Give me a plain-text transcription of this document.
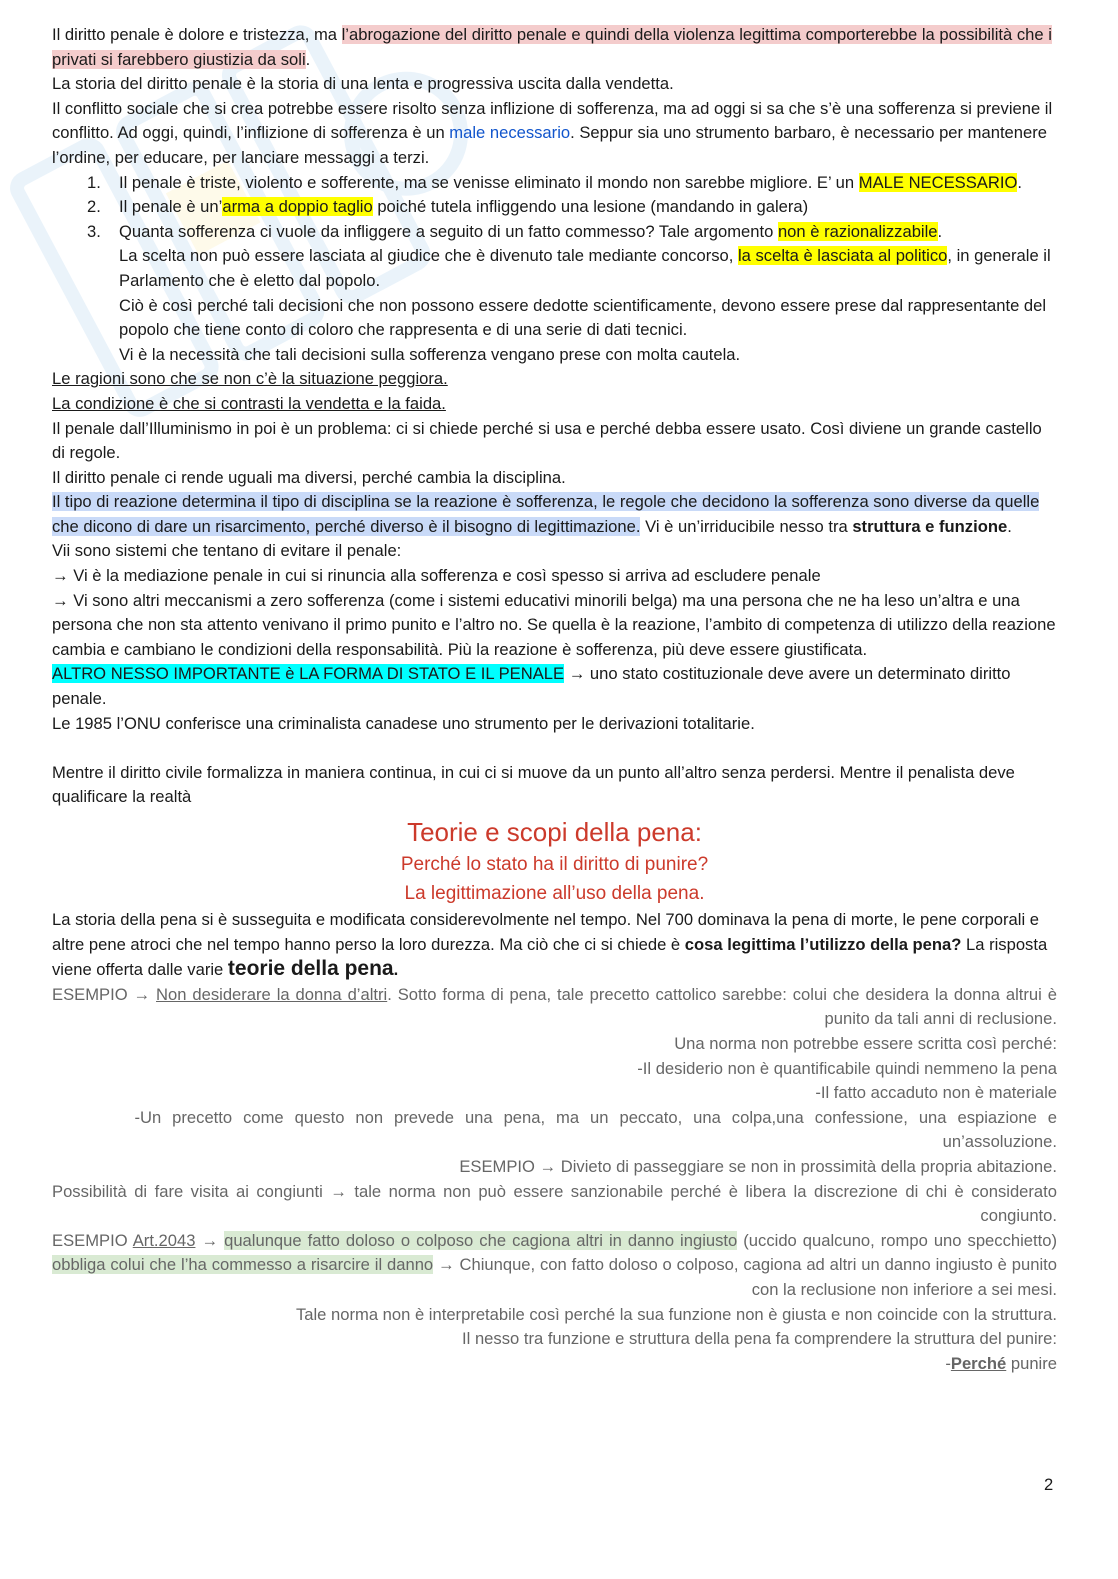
Il diritto penale è dolore e tristezza, ma l’abrogazione del diritto penale e quindi della violenza legittima comporterebbe la possibilità che i privati si farebbero giustizia da soli.

La storia del diritto penale è la storia di una lenta e progressiva uscita dalla vendetta.

Il conflitto sociale che si crea potrebbe essere risolto senza inflizione di sofferenza, ma ad oggi si sa che s’è una sofferenza si previene il conflitto. Ad oggi, quindi, l’inflizione di sofferenza è un male necessario. Seppur sia uno strumento barbaro, è necessario per mantenere l’ordine, per educare, per lanciare messaggi a terzi.

1. Il penale è triste, violento e sofferente, ma se venisse eliminato il mondo non sarebbe migliore. E’ un MALE NECESSARIO.
2. Il penale è un’arma a doppio taglio poiché tutela infliggendo una lesione (mandando in galera)
3. Quanta sofferenza ci vuole da infliggere a seguito di un fatto commesso? Tale argomento non è razionalizzabile.

La scelta non può essere lasciata al giudice che è divenuto tale mediante concorso, la scelta è lasciata al politico, in generale il Parlamento che è eletto dal popolo.

Ciò è così perché tali decisioni che non possono essere dedotte scientificamente, devono essere prese dal rappresentante del popolo che tiene conto di coloro che rappresenta e di una serie di dati tecnici.

Vi è la necessità che tali decisioni sulla sofferenza vengano prese con molta cautela.

Le ragioni sono che se non c’è la situazione peggiora.

La condizione è che si contrasti la vendetta e la faida.

Il penale dall’Illuminismo in poi è un problema: ci si chiede perché si usa e perché debba essere usato. Così diviene un grande castello di regole.

Il diritto penale ci rende uguali ma diversi, perché cambia la disciplina.

Il tipo di reazione determina il tipo di disciplina se la reazione è sofferenza, le regole che decidono la sofferenza sono diverse da quelle che dicono di dare un risarcimento, perché diverso è il bisogno di legittimazione. Vi è un’irriducibile nesso tra struttura e funzione.

Vii sono sistemi che tentano di evitare il penale:

→ Vi è la mediazione penale in cui si rinuncia alla sofferenza e così spesso si arriva ad escludere penale

→ Vi sono altri meccanismi a zero sofferenza (come i sistemi educativi minorili belga) ma una persona che ne ha leso un’altra e una persona che non sta attento venivano il primo punito e l’altro no. Se quella è la reazione, l’ambito di competenza di utilizzo della reazione cambia e cambiano le condizioni della responsabilità. Più la reazione è sofferenza, più deve essere giustificata.

ALTRO NESSO IMPORTANTE è LA FORMA DI STATO E IL PENALE → uno stato costituzionale deve avere un determinato diritto penale.

Le 1985 l’ONU conferisce una criminalista canadese uno strumento per le derivazioni totalitarie.

Mentre il diritto civile formalizza in maniera continua, in cui ci si muove da un punto all’altro senza perdersi. Mentre il penalista deve qualificare la realtà

Teorie e scopi della pena:
Perché lo stato ha il diritto di punire?
La legittimazione all’uso della pena.

La storia della pena si è susseguita e modificata considerevolmente nel tempo. Nel 700 dominava la pena di morte, le pene corporali e altre pene atroci che nel tempo hanno perso la loro durezza. Ma ciò che ci si chiede è cosa legittima l’utilizzo della pena? La risposta viene offerta dalle varie teorie della pena.

ESEMPIO → Non desiderare la donna d’altri. Sotto forma di pena, tale precetto cattolico sarebbe: colui che desidera la donna altrui è punito da tali anni di reclusione.

Una norma non potrebbe essere scritta così perché:

-Il desiderio non è quantificabile quindi nemmeno la pena

-Il fatto accaduto non è materiale

-Un precetto come questo non prevede una pena, ma un peccato, una colpa,una confessione, una espiazione e un’assoluzione.

ESEMPIO → Divieto di passeggiare se non in prossimità della propria abitazione.

Possibilità di fare visita ai congiunti → tale norma non può essere sanzionabile perché è libera la discrezione di chi è considerato congiunto.

ESEMPIO Art.2043 → qualunque fatto doloso o colposo che cagiona altri in danno ingiusto (uccido qualcuno, rompo uno specchietto) obbliga colui che l’ha commesso a risarcire il danno → Chiunque, con fatto doloso o colposo, cagiona ad altri un danno ingiusto è punito con la reclusione non inferiore a sei mesi.

Tale norma non è interpretabile così perché la sua funzione non è giusta e non coincide con la struttura.

Il nesso tra funzione e struttura della pena fa comprendere la struttura del punire:

-Perché punire

2
